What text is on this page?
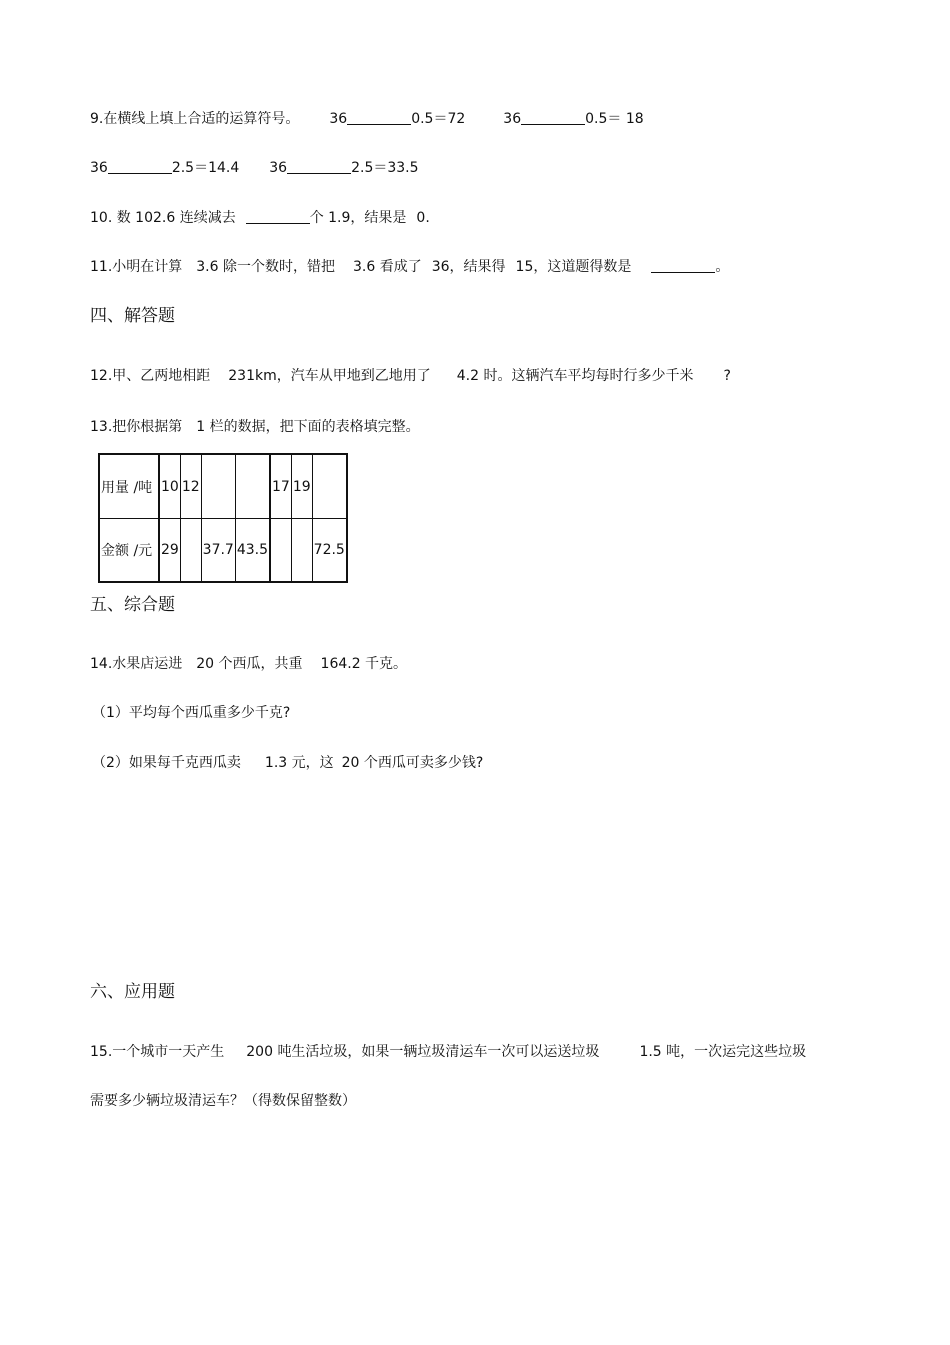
9.在横线上填上合适的运算符号。 36	0.5＝72	36	0.5＝ 18
36	2.5＝14.4 36	2.5＝33.5
10. 数 102.6 连续减去	个 1.9，结果是 0.
11.小明在计算 3.6 除一个数时，错把 3.6 看成了 36，结果得 15，这道题得数是	。
四、解答题
12.甲、乙两地相距 231km，汽车从甲地到乙地用了 4.2 时。这辆汽车平均每时行多少千米 ?
13.把你根据第 1 栏的数据，把下面的表格填完整。
用量 /吨	10	12			17	19	
金额 /元	29		37.7	43.5			72.5
五、综合题
14.水果店运进 20 个西瓜，共重 164.2 千克。
（1）平均每个西瓜重多少千克?
（2）如果每千克西瓜卖 1.3 元，这 20 个西瓜可卖多少钱?
六、应用题
15.一个城市一天产生 200 吨生活垃圾，如果一辆垃圾清运车一次可以运送垃圾	1.5 吨，一次运完这些垃圾
需要多少辆垃圾清运车？（得数保留整数）
